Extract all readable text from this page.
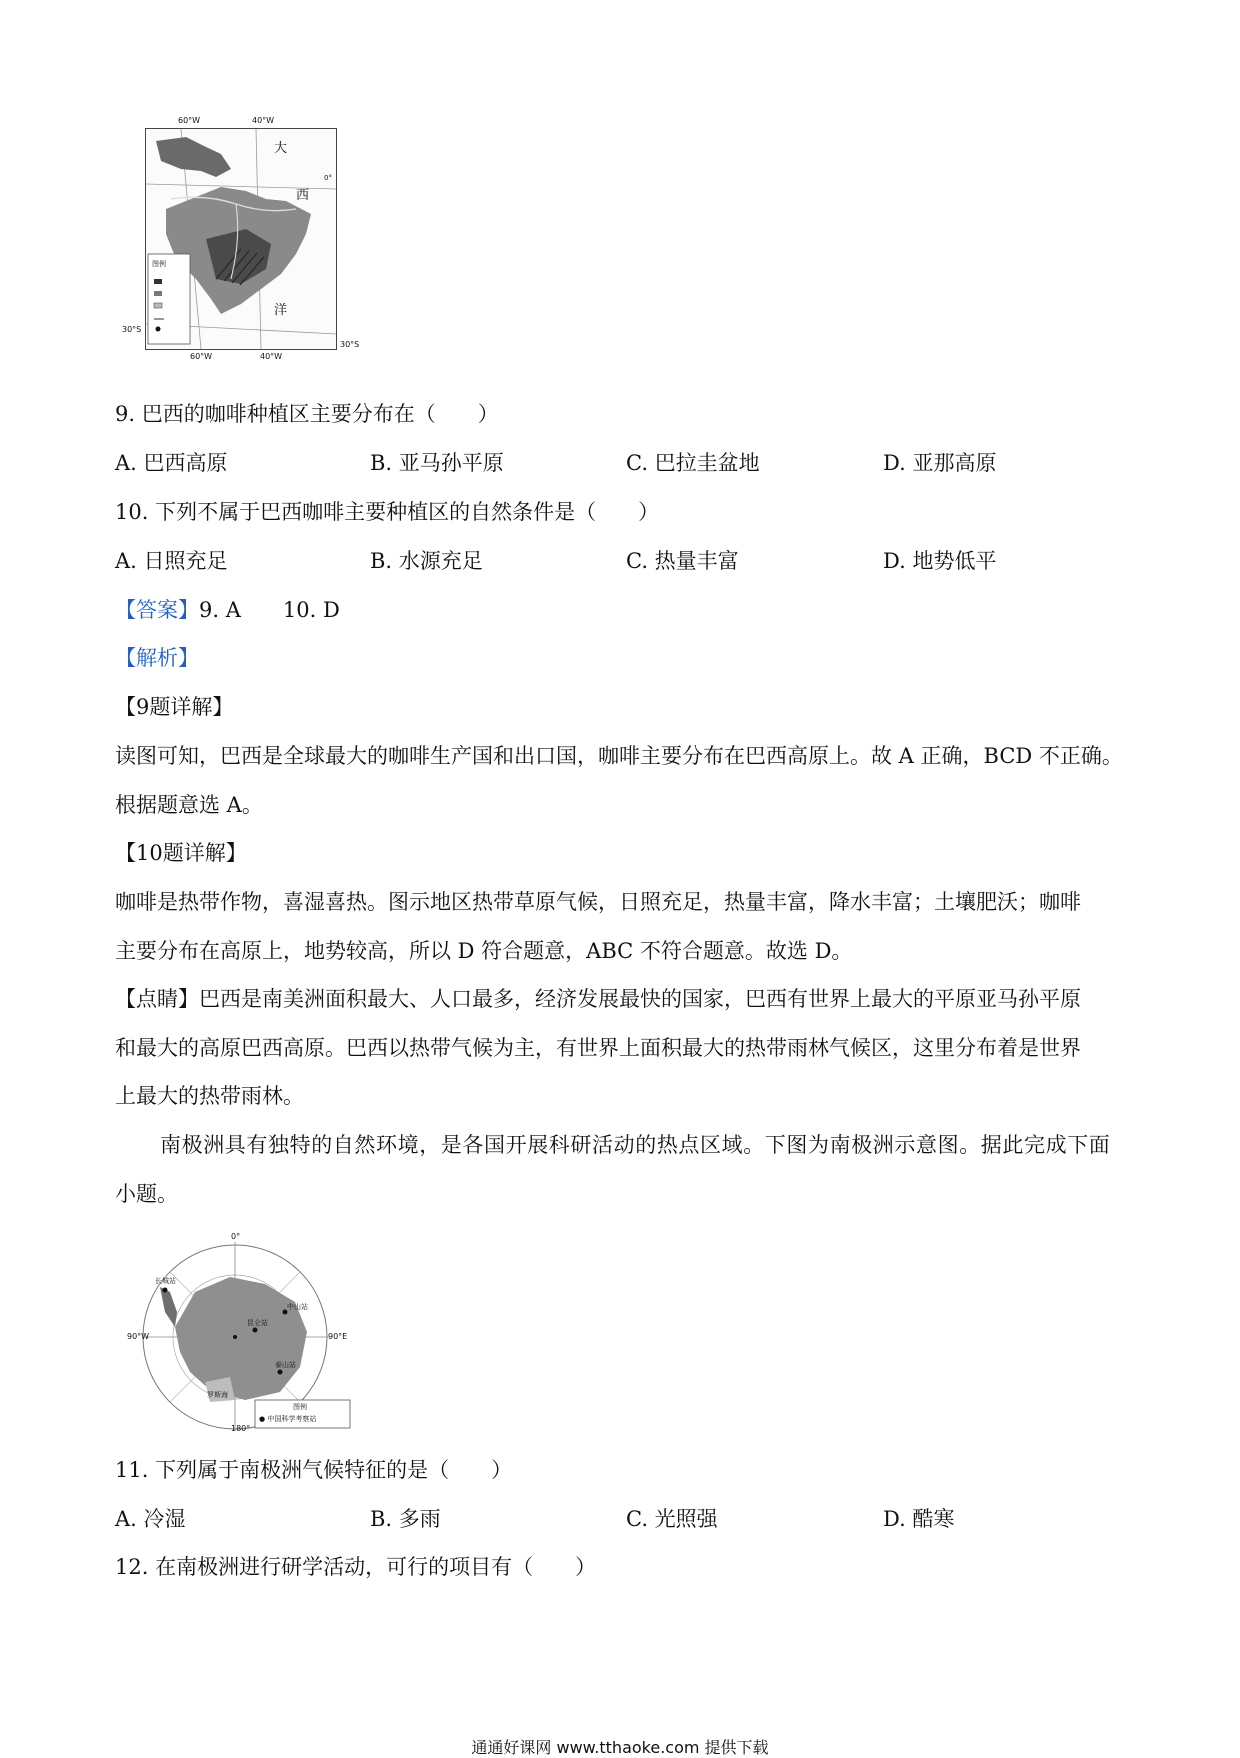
图例
大
西
洋
0°
60°W	40°W
60°W	40°W
30°S
30°S
9. 巴西的咖啡种植区主要分布在（　　）
A. 巴西高原	B. 亚马孙平原	C. 巴拉圭盆地	D. 亚那高原
10. 下列不属于巴西咖啡主要种植区的自然条件是（　　）
A. 日照充足	B. 水源充足	C. 热量丰富	D. 地势低平
【答案】9. A　　10. D
【解析】
【9题详解】
读图可知，巴西是全球最大的咖啡生产国和出口国，咖啡主要分布在巴西高原上。故 A 正确，BCD 不正确。
根据题意选 A。
【10题详解】
咖啡是热带作物，喜湿喜热。图示地区热带草原气候，日照充足，热量丰富，降水丰富；土壤肥沃；咖啡
主要分布在高原上，地势较高，所以 D 符合题意，ABC 不符合题意。故选 D。
【点睛】巴西是南美洲面积最大、人口最多，经济发展最快的国家，巴西有世界上最大的平原亚马孙平原
和最大的高原巴西高原。巴西以热带气候为主，有世界上面积最大的热带雨林气候区，这里分布着是世界
上最大的热带雨林。
南极洲具有独特的自然环境，是各国开展科研活动的热点区域。下图为南极洲示意图。据此完成下面
小题。
0°
90°W	90°E
180°
长城站
中山站
昆仑站
泰山站
罗斯海
图例
● 中国科学考察站
11. 下列属于南极洲气候特征的是（　　）
A. 冷湿	B. 多雨	C. 光照强	D. 酷寒
12. 在南极洲进行研学活动，可行的项目有（　　）
通通好课网 www.tthaoke.com 提供下载
